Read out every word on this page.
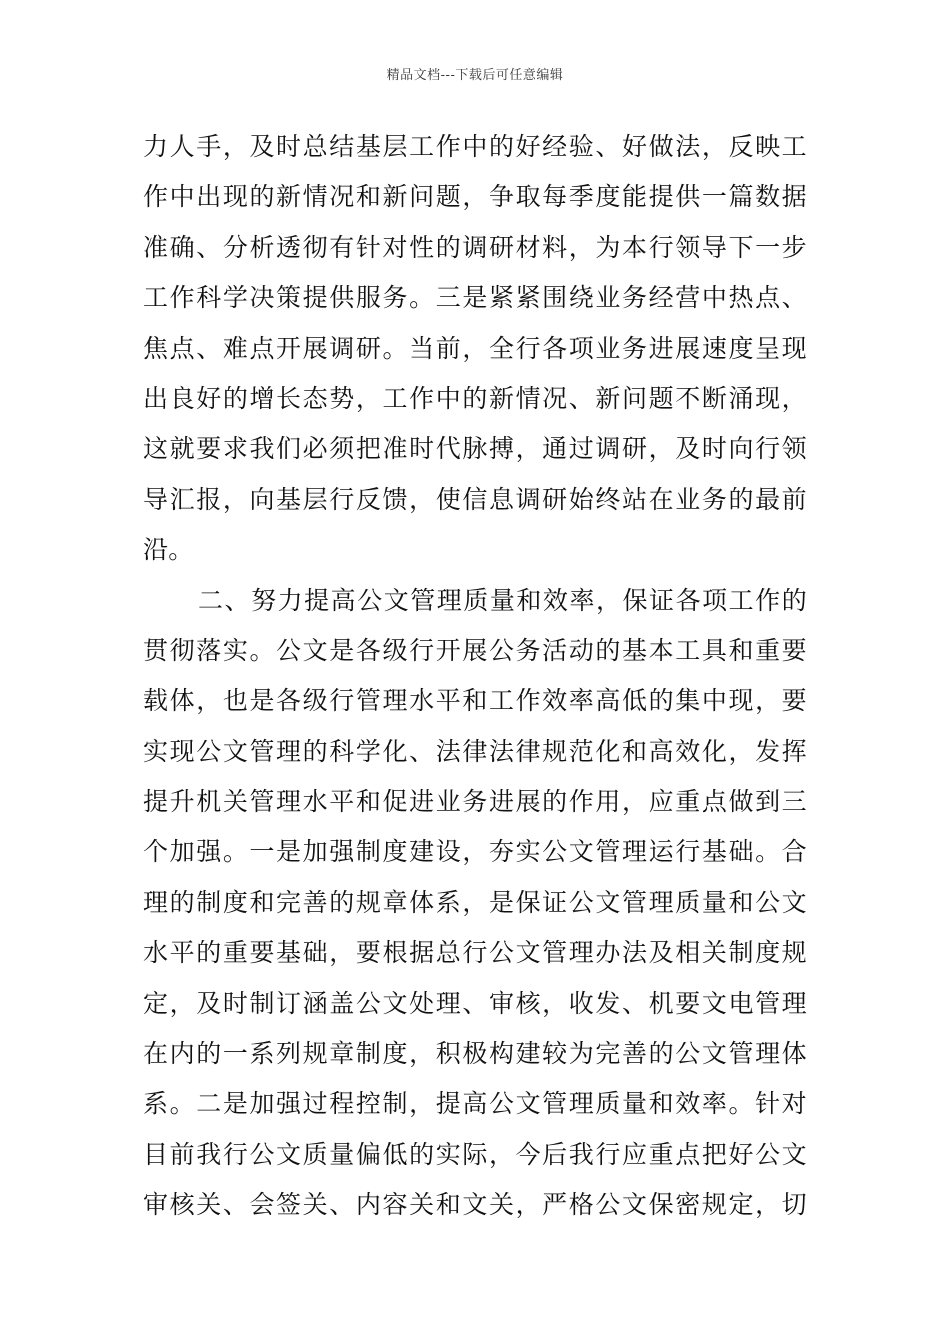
精品文档---下载后可任意编辑
力人手，及时总结基层工作中的好经验、好做法，反映工
作中出现的新情况和新问题，争取每季度能提供一篇数据
准确、分析透彻有针对性的调研材料，为本行领导下一步
工作科学决策提供服务。三是紧紧围绕业务经营中热点、
焦点、难点开展调研。当前，全行各项业务进展速度呈现
出良好的增长态势，工作中的新情况、新问题不断涌现，
这就要求我们必须把准时代脉搏，通过调研，及时向行领
导汇报，向基层行反馈，使信息调研始终站在业务的最前
沿。
二、努力提高公文管理质量和效率，保证各项工作的
贯彻落实。公文是各级行开展公务活动的基本工具和重要
载体，也是各级行管理水平和工作效率高低的集中现，要
实现公文管理的科学化、法律法律规范化和高效化，发挥
提升机关管理水平和促进业务进展的作用，应重点做到三
个加强。一是加强制度建设，夯实公文管理运行基础。合
理的制度和完善的规章体系，是保证公文管理质量和公文
水平的重要基础，要根据总行公文管理办法及相关制度规
定，及时制订涵盖公文处理、审核，收发、机要文电管理
在内的一系列规章制度，积极构建较为完善的公文管理体
系。二是加强过程控制，提高公文管理质量和效率。针对
目前我行公文质量偏低的实际，今后我行应重点把好公文
审核关、会签关、内容关和文关，严格公文保密规定，切
